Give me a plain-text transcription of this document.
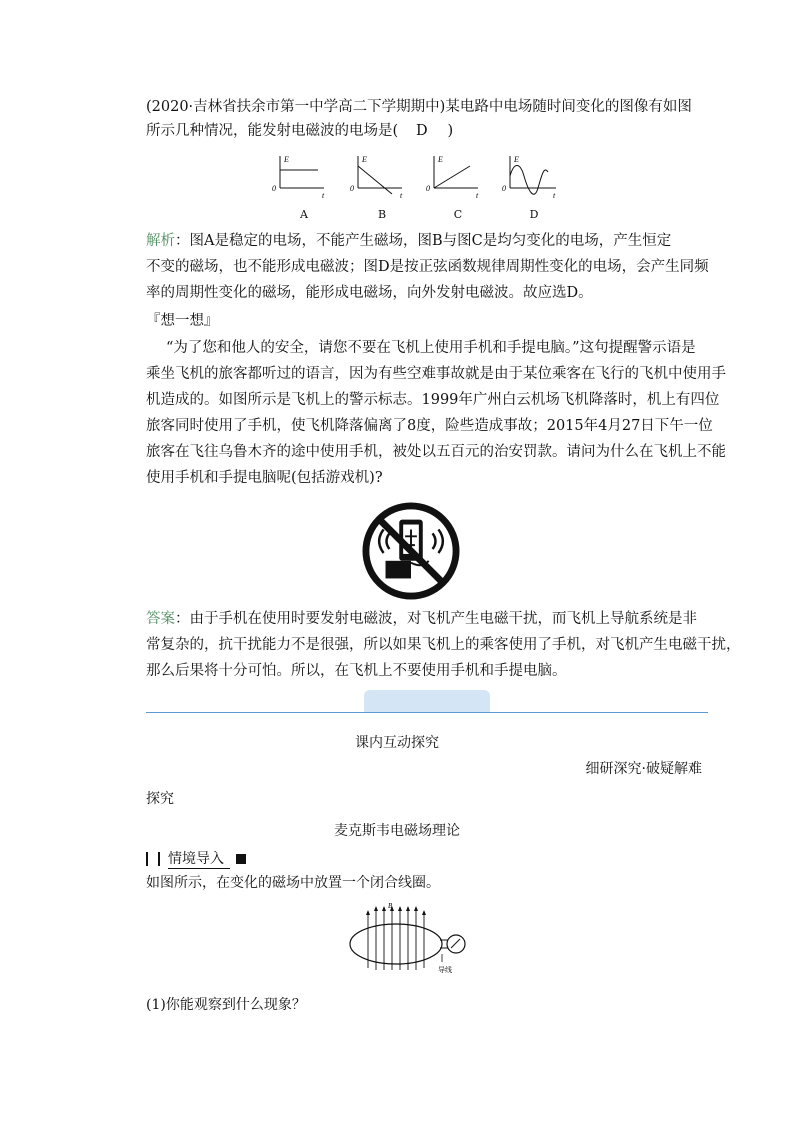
(2020·吉林省扶余市第一中学高二下学期期中)某电路中电场随时间变化的图像有如图
所示几种情况，能发射电磁波的电场是( D )
E
0
t
E
0
t
E
0
t
E
0
t
A	B	C	D
解析：图A是稳定的电场，不能产生磁场，图B与图C是均匀变化的电场，产生恒定
不变的磁场，也不能形成电磁波；图D是按正弦函数规律周期性变化的电场，会产生同频
率的周期性变化的磁场，能形成电磁场，向外发射电磁波。故应选D。
『想一想』
“为了您和他人的安全，请您不要在飞机上使用手机和手提电脑。”这句提醒警示语是
乘坐飞机的旅客都听过的语言，因为有些空难事故就是由于某位乘客在飞行的飞机中使用手
机造成的。如图所示是飞机上的警示标志。1999年广州白云机场飞机降落时，机上有四位
旅客同时使用了手机，使飞机降落偏离了8度，险些造成事故；2015年4月27日下午一位
旅客在飞往乌鲁木齐的途中使用手机，被处以五百元的治安罚款。请问为什么在飞机上不能
使用手机和手提电脑呢(包括游戏机)?
答案：由于手机在使用时要发射电磁波，对飞机产生电磁干扰，而飞机上导航系统是非
常复杂的，抗干扰能力不是很强，所以如果飞机上的乘客使用了手机，对飞机产生电磁干扰，
那么后果将十分可怕。所以，在飞机上不要使用手机和手提电脑。
课内互动探究
细研深究·破疑解难
探究
麦克斯韦电磁场理论
情境导入
如图所示，在变化的磁场中放置一个闭合线圈。
B
导线
(1)你能观察到什么现象？
